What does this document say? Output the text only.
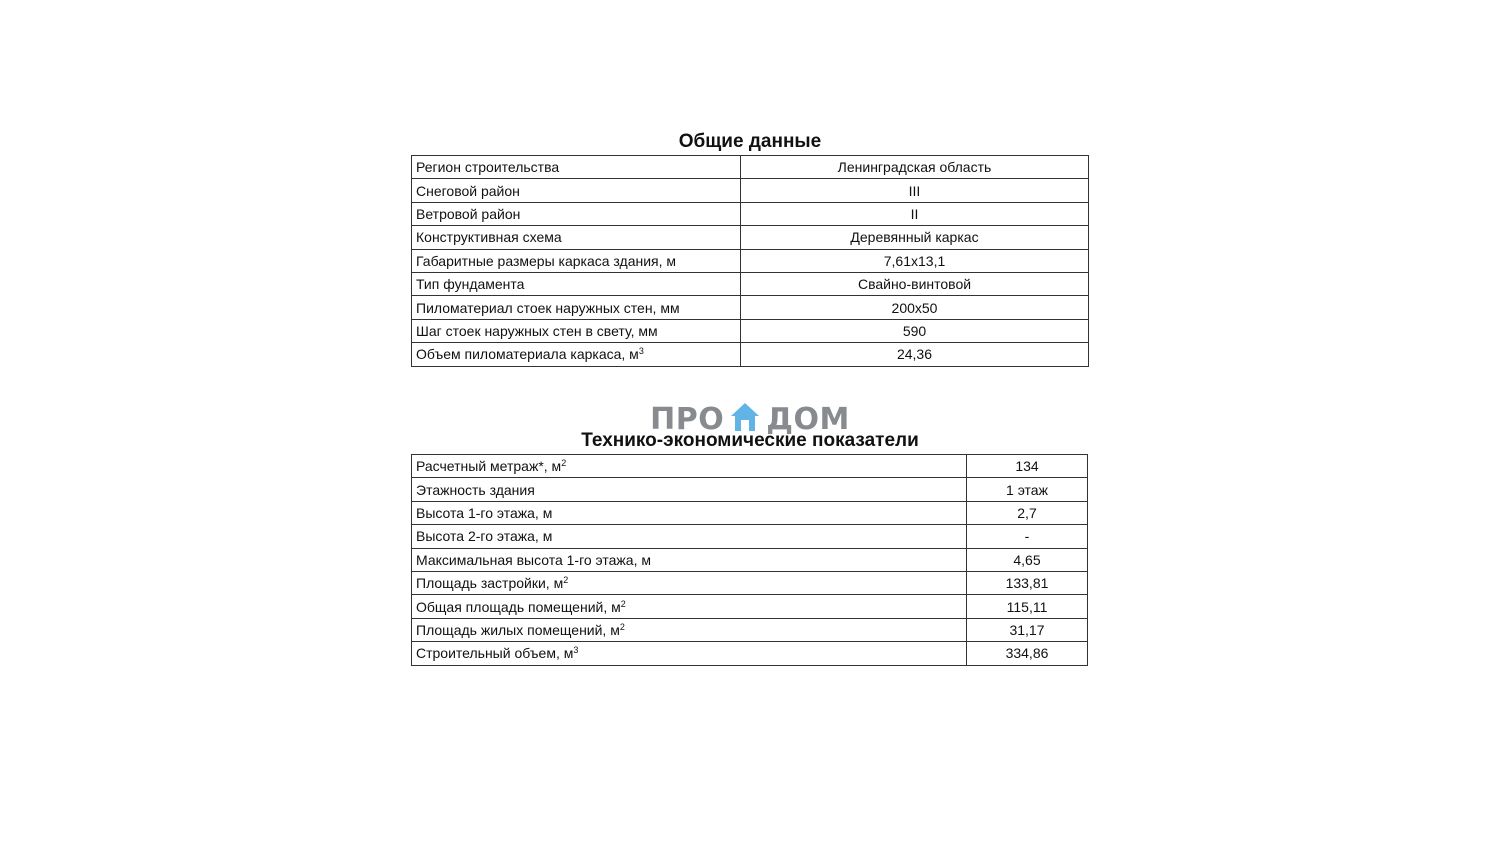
Общие данные
Регион строительства	Ленинградская область
Снеговой район	III
Ветровой район	II
Конструктивная схема	Деревянный каркас
Габаритные размеры каркаса здания, м	7,61x13,1
Тип фундамента	Свайно-винтовой
Пиломатериал стоек наружных стен, мм	200x50
Шаг стоек наружных стен в свету, мм	590
Объем пиломатериала каркаса, $м^3$	24,36
ПРО ДОМ
Технико-экономические показатели
Расчетный метраж*, $м^2$	134
Этажность здания	1 этаж
Высота 1-го этажа, м	2,7
Высота 2-го этажа, м	-
Максимальная высота 1-го этажа, м	4,65
Площадь застройки, $м^2$	133,81
Общая площадь помещений, $м^2$	115,11
Площадь жилых помещений, $м^2$	31,17
Строительный объем, $м^3$	334,86
